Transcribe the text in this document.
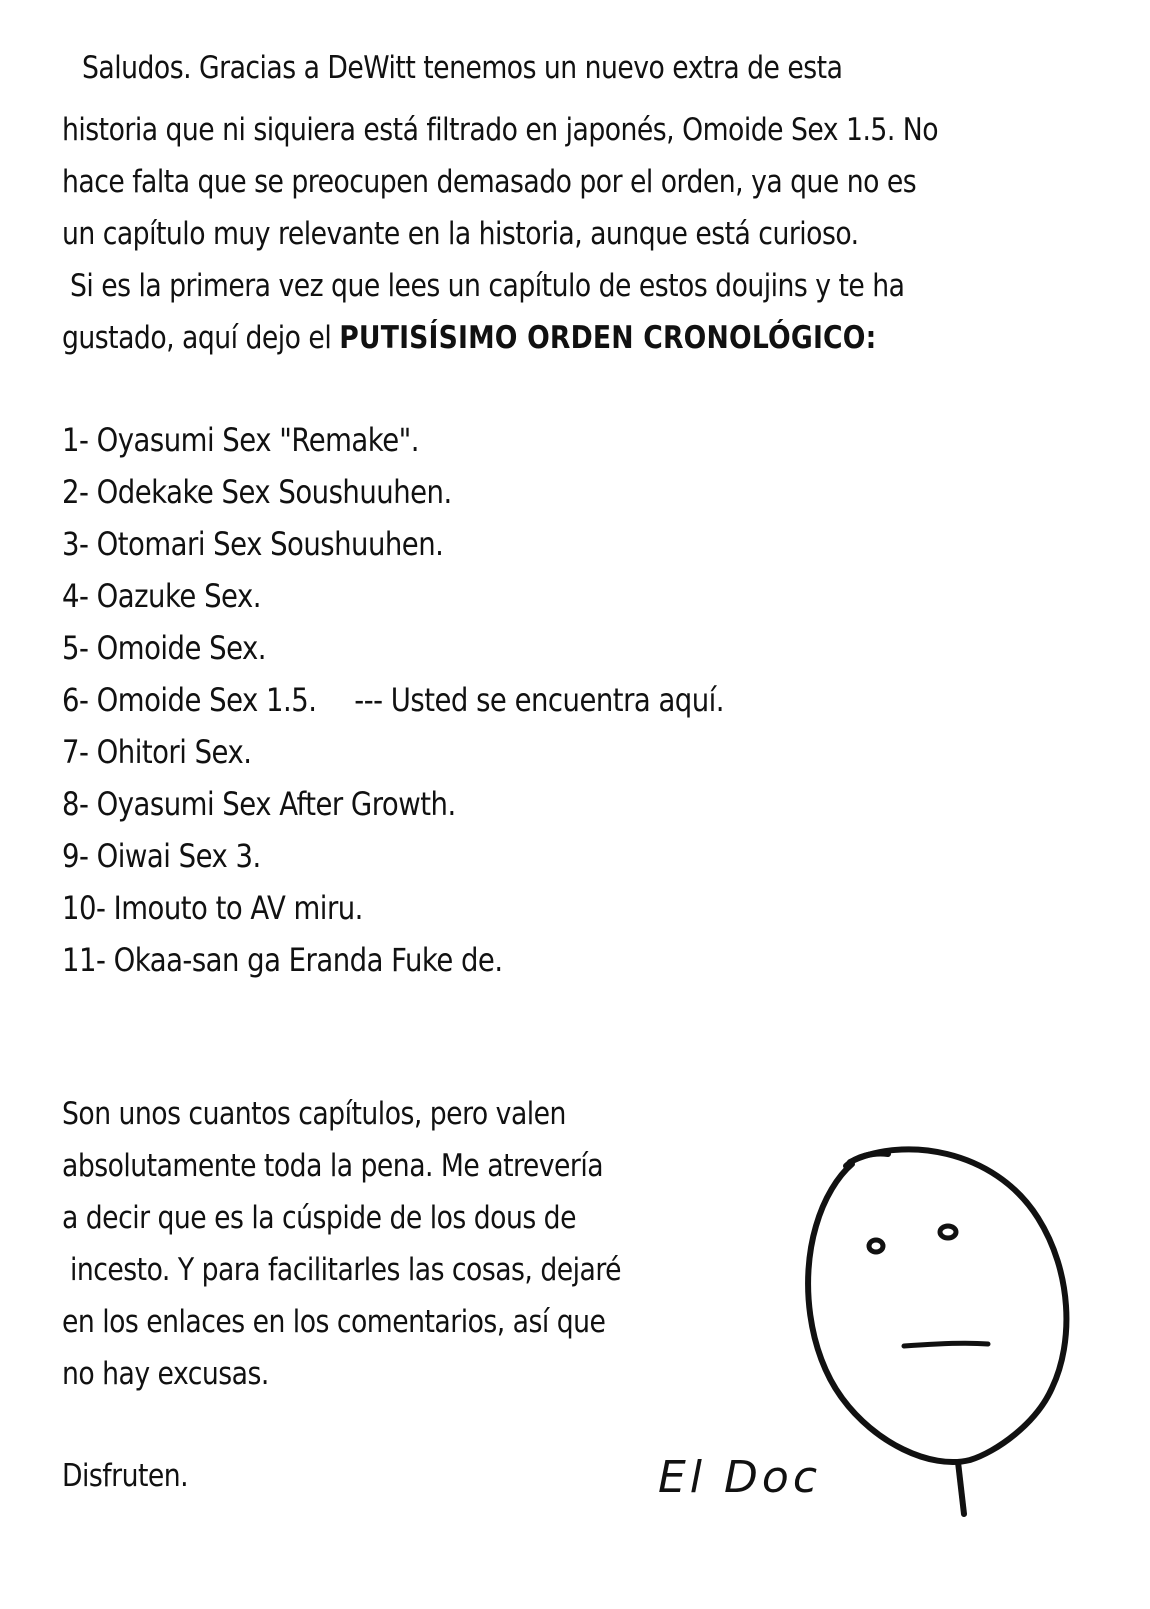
Saludos. Gracias a DeWitt tenemos un nuevo extra de esta

historia que ni siquiera está filtrado en japonés, Omoide Sex 1.5. No

hace falta que se preocupen demasado por el orden, ya que no es

un capítulo muy relevante en la historia, aunque está curioso.

Si es la primera vez que lees un capítulo de estos doujins y te ha

gustado, aquí dejo el PUTISÍSIMO ORDEN CRONOLÓGICO:

1- Oyasumi Sex "Remake".

2- Odekake Sex Soushuuhen.

3- Otomari Sex Soushuuhen.

4- Oazuke Sex.

5- Omoide Sex.

6- Omoide Sex 1.5. --- Usted se encuentra aquí.

7- Ohitori Sex.

8- Oyasumi Sex After Growth.

9- Oiwai Sex 3.

10- Imouto to AV miru.

11- Okaa-san ga Eranda Fuke de.

Son unos cuantos capítulos, pero valen

absolutamente toda la pena. Me atrevería

a decir que es la cúspide de los dous de

incesto. Y para facilitarles las cosas, dejaré

en los enlaces en los comentarios, así que

no hay excusas.

Disfruten.	El Doc
